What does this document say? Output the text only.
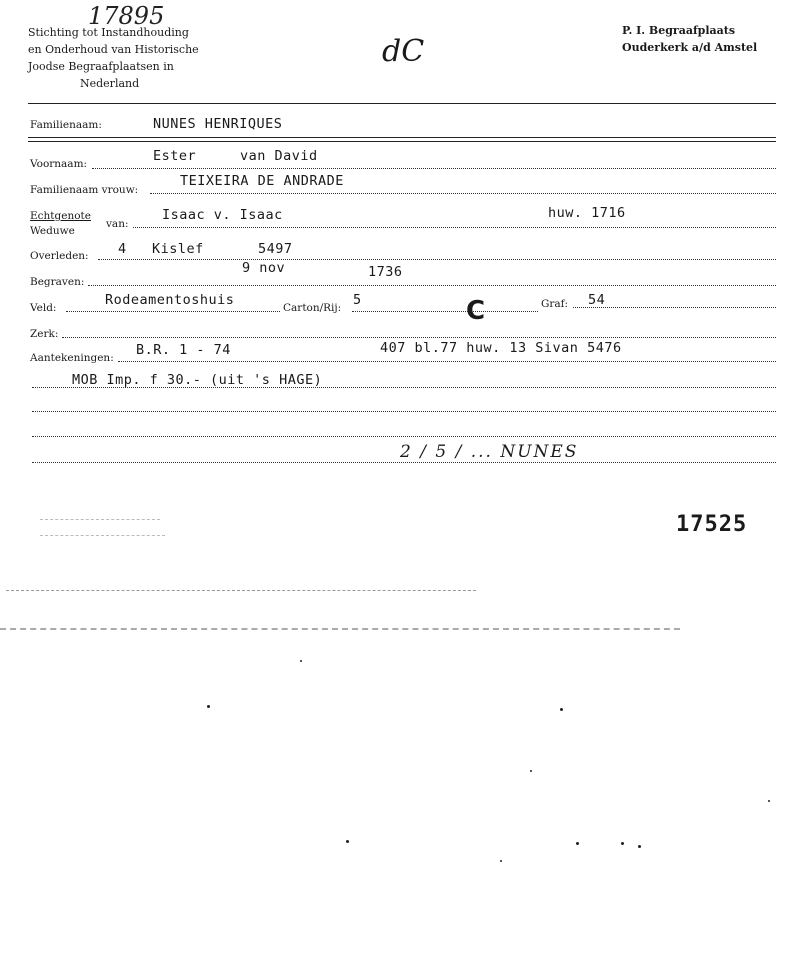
17895
Stichting tot Instandhouding
en Onderhoud van Historische
Joodse Begraafplaatsen in
Nederland
dC
P. I. Begraafplaats
Ouderkerk a/d Amstel
Familienaam:	NUNES HENRIQUES
Voornaam:	Ester	van David
Familienaam vrouw:
TEIXEIRA DE ANDRADE
Echtgenote
Weduwe
van:
Isaac v. Isaac	huw. 1716
Overleden: 4 Kislef	5497
Begraven:
9 nov	1736
Veld:	Rodeamentoshuis	Carton/Rij: 5	C	Graf: 54
Zerk:
Aantekeningen: B.R. 1 - 74	407 bl.77 huw. 13 Sivan 5476
MOB Imp. f 30.- (uit 's HAGE)
2 / 5 / ... NUNES
17525
